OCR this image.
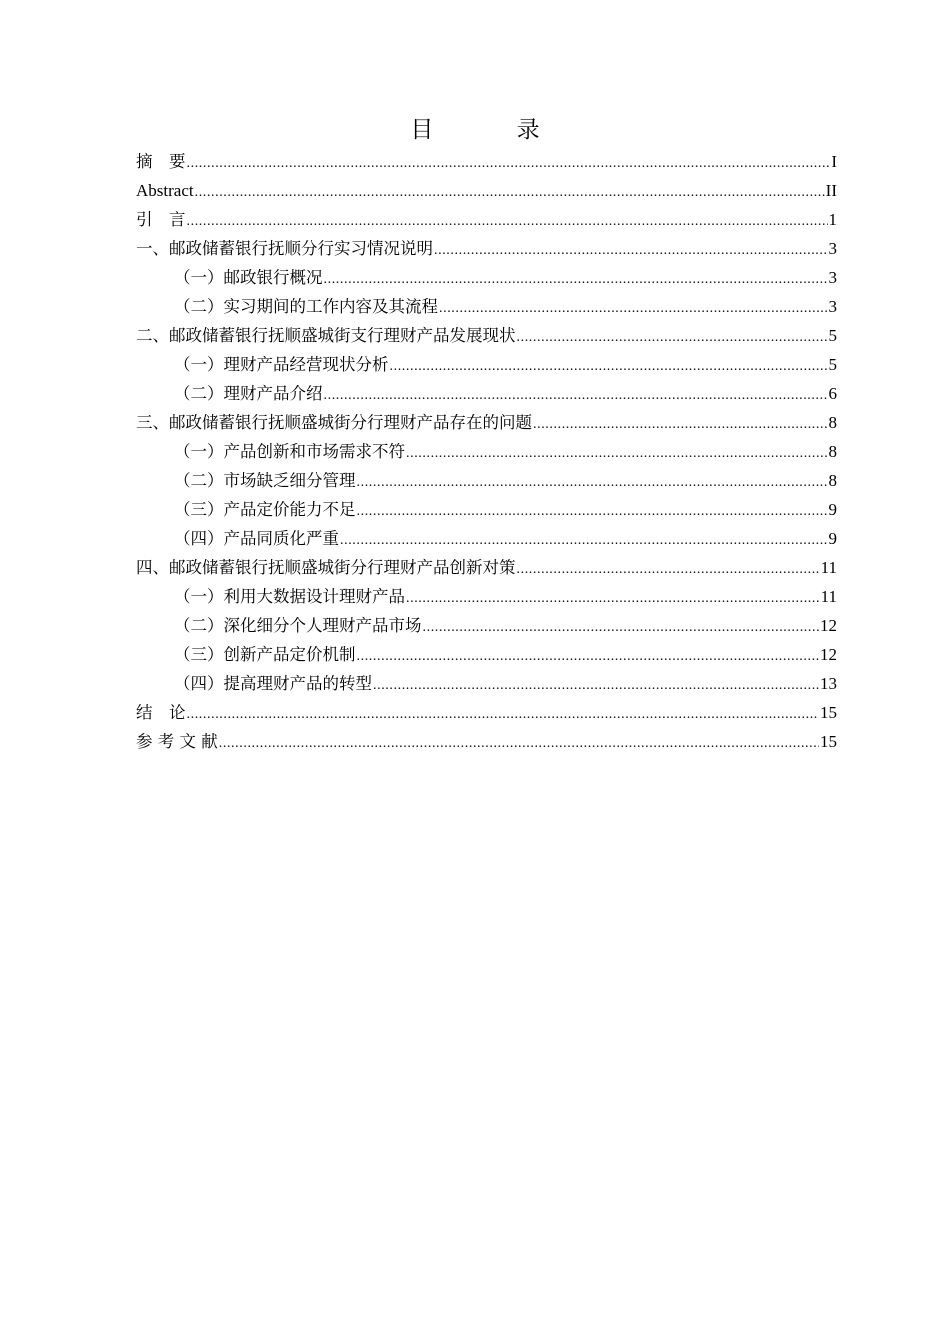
目 录
摘　要 .....	I
Abstract .....	II
引　言 .....	1
一、邮政储蓄银行抚顺分行实习情况说明 .....	3
（一）邮政银行概况 .....	3
（二）实习期间的工作内容及其流程 .....	3
二、邮政储蓄银行抚顺盛城街支行理财产品发展现状 .....	5
（一）理财产品经营现状分析 .....	5
（二）理财产品介绍 .....	6
三、邮政储蓄银行抚顺盛城街分行理财产品存在的问题 .....	8
（一）产品创新和市场需求不符 .....	8
（二）市场缺乏细分管理 .....	8
（三）产品定价能力不足 .....	9
（四）产品同质化严重 .....	9
四、邮政储蓄银行抚顺盛城街分行理财产品创新对策 .....	11
（一）利用大数据设计理财产品 .....	11
（二）深化细分个人理财产品市场 .....	12
（三）创新产品定价机制 .....	12
（四）提高理财产品的转型 .....	13
结　论 .....	15
参 考 文 献 .....	15
